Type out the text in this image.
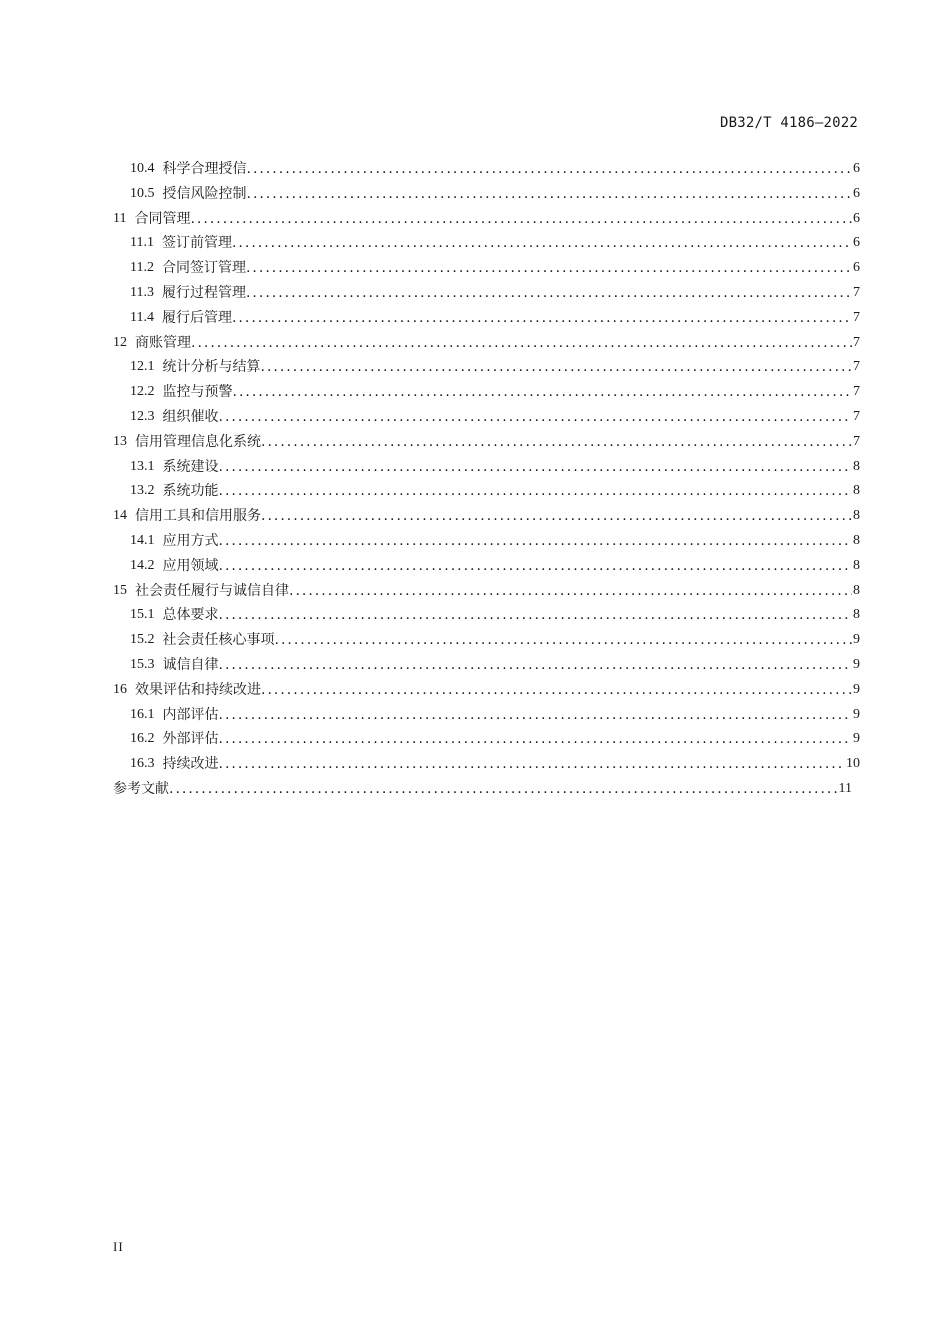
DB32/T 4186—2022
10.4 科学合理授信 .....	6
10.5 授信风险控制 .....	6
11 合同管理 .....	6
11.1 签订前管理 .....	6
11.2 合同签订管理 .....	6
11.3 履行过程管理 .....	7
11.4 履行后管理 .....	7
12 商账管理 .....	7
12.1 统计分析与结算 .....	7
12.2 监控与预警 .....	7
12.3 组织催收 .....	7
13 信用管理信息化系统 .....	7
13.1 系统建设 .....	8
13.2 系统功能 .....	8
14 信用工具和信用服务 .....	8
14.1 应用方式 .....	8
14.2 应用领域 .....	8
15 社会责任履行与诚信自律 .....	8
15.1 总体要求 .....	8
15.2 社会责任核心事项 .....	9
15.3 诚信自律 .....	9
16 效果评估和持续改进 .....	9
16.1 内部评估 .....	9
16.2 外部评估 .....	9
16.3 持续改进 .....	10
参考文献 .....	11
II
